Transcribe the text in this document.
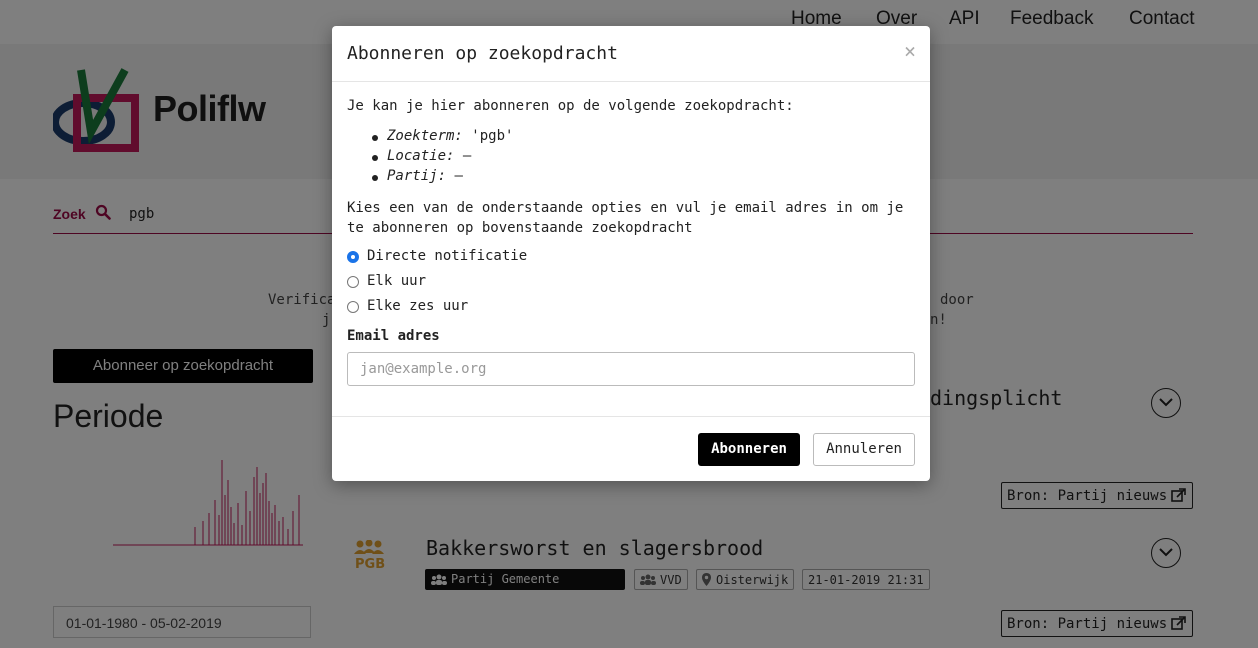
Abonneren op zoekopdracht	×
Je kan je hier abonneren op de volgende zoekopdracht:
Zoekterm: 'pgb'
Locatie: –
Partij: –
Kies een van de onderstaande opties en vul je email adres in om je te abonneren op bovenstaande zoekopdracht
Directe notificatie
Elk uur
Elke zes uur
Email adres
jan@example.org
Abonneren	Annuleren
